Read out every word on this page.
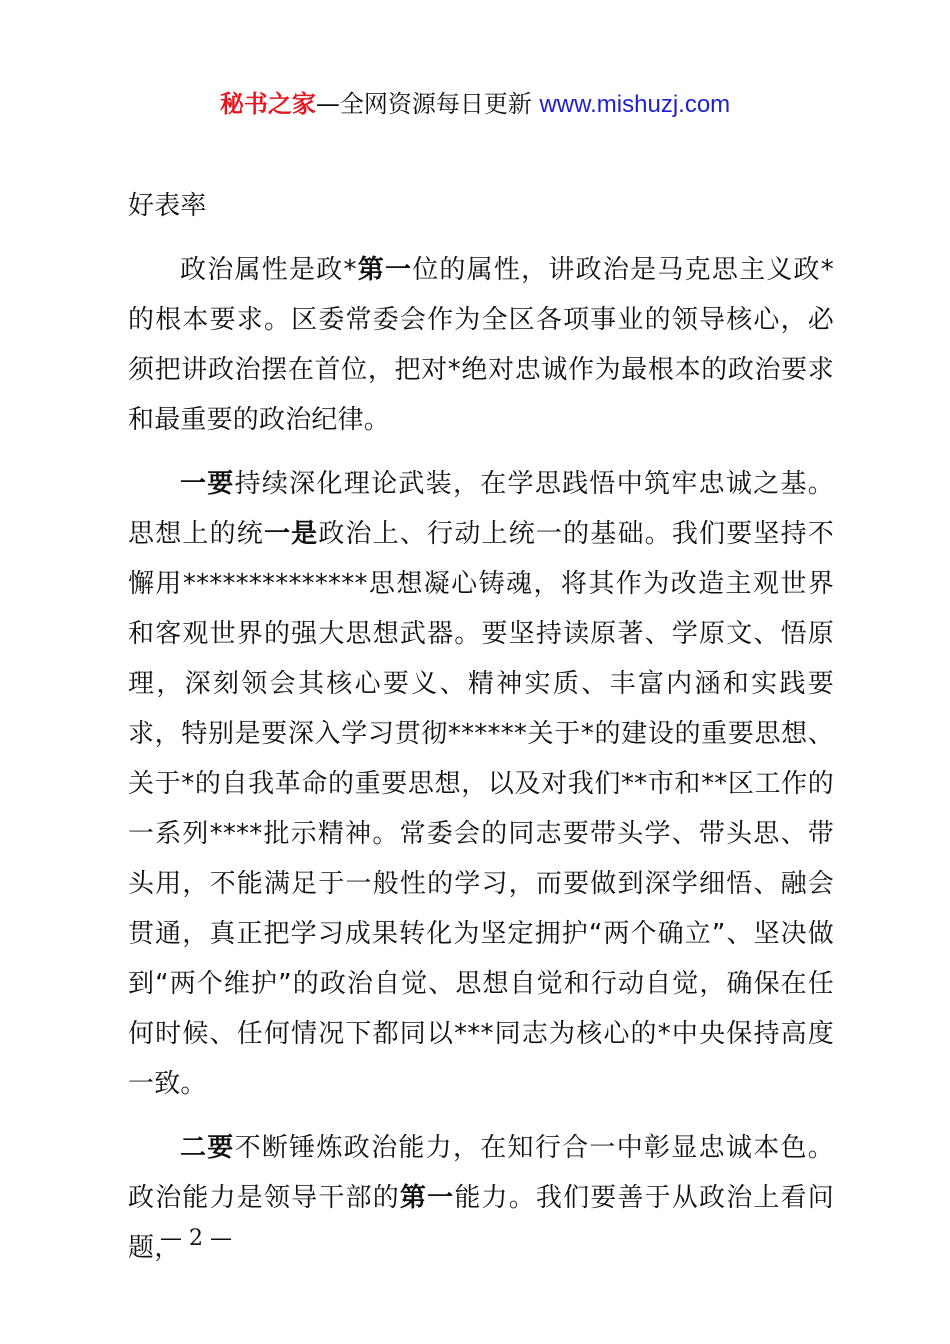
秘书之家—全网资源每日更新 www.mishuzj.com

好表率

政治属性是政*第一位的属性，讲政治是马克思主义政*的根本要求。区委常委会作为全区各项事业的领导核心，必须把讲政治摆在首位，把对*绝对忠诚作为最根本的政治要求和最重要的政治纪律。

一要持续深化理论武装，在学思践悟中筑牢忠诚之基。思想上的统一是政治上、行动上统一的基础。我们要坚持不懈用**************思想凝心铸魂，将其作为改造主观世界和客观世界的强大思想武器。要坚持读原著、学原文、悟原理，深刻领会其核心要义、精神实质、丰富内涵和实践要求，特别是要深入学习贯彻******关于*的建设的重要思想、关于*的自我革命的重要思想，以及对我们**市和**区工作的一系列****批示精神。常委会的同志要带头学、带头思、带头用，不能满足于一般性的学习，而要做到深学细悟、融会贯通，真正把学习成果转化为坚定拥护“两个确立”、坚决做到“两个维护”的政治自觉、思想自觉和行动自觉，确保在任何时候、任何情况下都同以***同志为核心的*中央保持高度一致。

二要不断锤炼政治能力，在知行合一中彰显忠诚本色。政治能力是领导干部的第一能力。我们要善于从政治上看问题，

— 2 —
